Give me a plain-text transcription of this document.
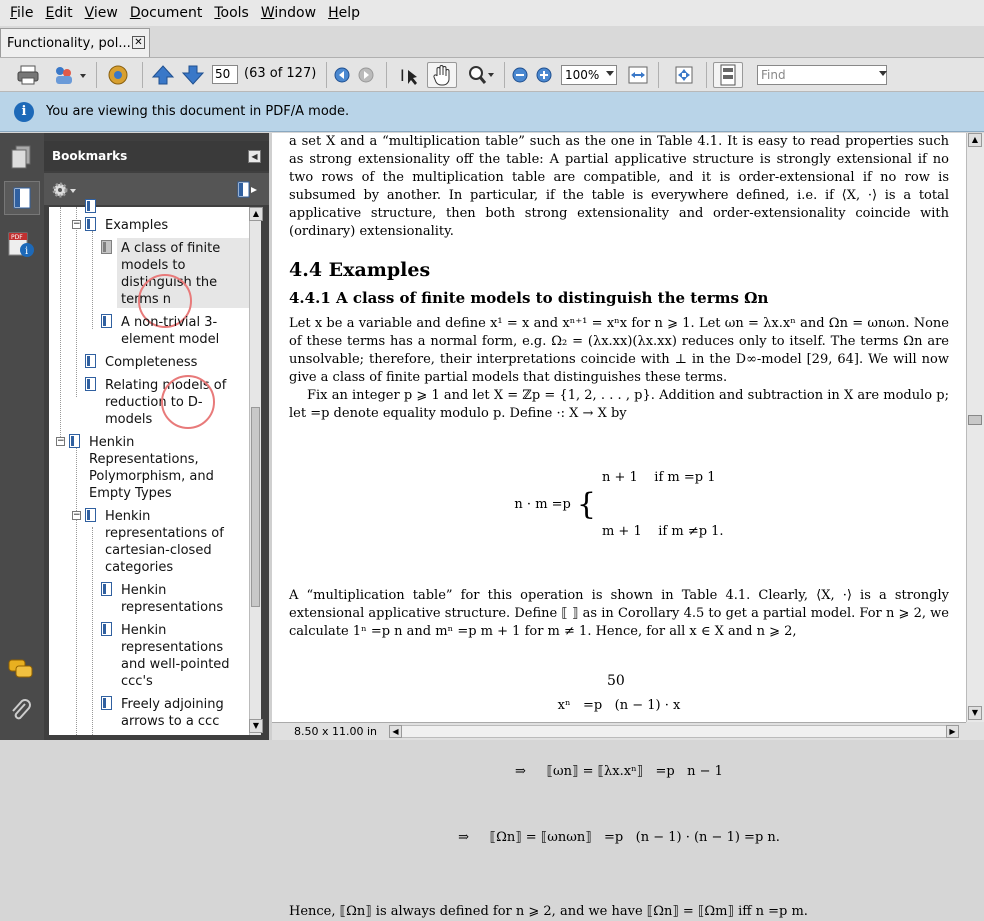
File Edit View Document Tools Window Help
Functionality, pol... ✕
50	(63 of 127)	I	100%	Find
i	You are viewing this document in PDF/A mode.
PDF
i
Bookmarks	◀
− Examples
A class of finite models to distinguish the terms n
A non-trivial 3-element model
Completeness
Relating models of reduction to D-models
− Henkin Representations, Polymorphism, and Empty Types
− Henkin representations of cartesian-closed categories
Henkin representations
Henkin representations and well-pointed ccc's
Freely adjoining arrows to a ccc
▲
▼

a set X and a “multiplication table” such as the one in Table 4.1. It is easy to read properties such as strong extensionality off the table: A partial applicative structure is strongly extensional if no two rows of the multiplication table are compatible, and it is order-extensional if no row is subsumed by another. In particular, if the table is everywhere defined, i.e. if ⟨X, ·⟩ is a total applicative structure, then both strong extensionality and order-extensionality coincide with (ordinary) extensionality.

4.4 Examples
4.4.1 A class of finite models to distinguish the terms Ωn

Let x be a variable and define x¹ = x and xⁿ⁺¹ = xⁿx for n ⩾ 1. Let ωn = λx.xⁿ and Ωn = ωnωn. None of these terms has a normal form, e.g. Ω₂ = (λx.xx)(λx.xx) reduces only to itself. The terms Ωn are unsolvable; therefore, their interpretations coincide with ⊥ in the D∞-model [29, 64]. We will now give a class of finite partial models that distinguishes these terms.

Fix an integer p ⩾ 1 and let X = ℤp = {1, 2, . . . , p}. Addition and subtraction in X are modulo p; let =p denote equality modulo p. Define ·: X → X by

n · m =p {

n + 1    if m =p 1

m + 1    if m ≠p 1.

A “multiplication table” for this operation is shown in Table 4.1. Clearly, ⟨X, ·⟩ is a strongly extensional applicative structure. Define ⟦ ⟧ as in Corollary 4.5 to get a partial model. For n ⩾ 2, we calculate 1ⁿ =p n and mⁿ =p m + 1 for m ≠ 1. Hence, for all x ∈ X and n ⩾ 2,

xⁿ   =p   (n − 1) · x

⇒     ⟦ωn⟧ = ⟦λx.xⁿ⟧   =p   n − 1

⇒     ⟦Ωn⟧ = ⟦ωnωn⟧   =p   (n − 1) · (n − 1) =p n.

Hence, ⟦Ωn⟧ is always defined for n ⩾ 2, and we have ⟦Ωn⟧ = ⟦Ωm⟧ iff n =p m.

50
▲
▼
8.50 x 11.00 in	◀	▶
